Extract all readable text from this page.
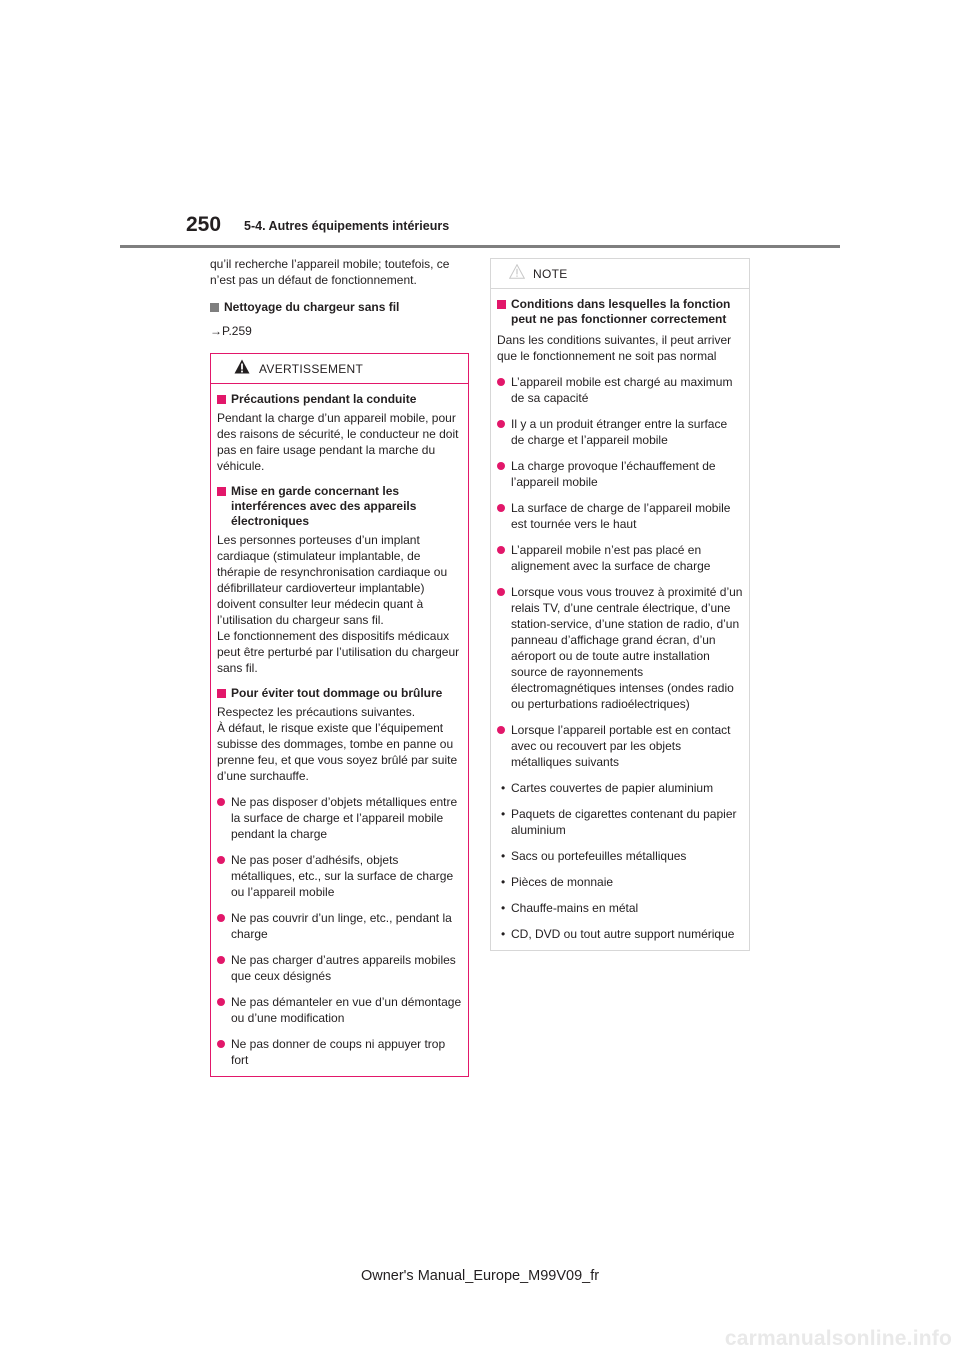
250 5-4. Autres équipements intérieurs

qu’il recherche l’appareil mobile; toutefois, ce n’est pas un défaut de fonctionnement.

Nettoyage du chargeur sans fil

→P.259

AVERTISSEMENT
Précautions pendant la conduite

Pendant la charge d’un appareil mobile, pour des raisons de sécurité, le conducteur ne doit pas en faire usage pendant la marche du véhicule.

Mise en garde concernant les interférences avec des appareils électroniques

Les personnes porteuses d’un implant cardiaque (stimulateur implantable, de thérapie de resynchronisation cardiaque ou défibrillateur cardioverteur implantable) doivent consulter leur médecin quant à l’utilisation du chargeur sans fil.

Le fonctionnement des dispositifs médicaux peut être perturbé par l’utilisation du chargeur sans fil.

Pour éviter tout dommage ou brûlure

Respectez les précautions suivantes.

À défaut, le risque existe que l’équipement subisse des dommages, tombe en panne ou prenne feu, et que vous soyez brûlé par suite d’une surchauffe.

Ne pas disposer d’objets métalliques entre la surface de charge et l’appareil mobile pendant la charge
Ne pas poser d’adhésifs, objets métalliques, etc., sur la surface de charge ou l’appareil mobile
Ne pas couvrir d’un linge, etc., pendant la charge
Ne pas charger d’autres appareils mobiles que ceux désignés
Ne pas démanteler en vue d’un démontage ou d’une modification
Ne pas donner de coups ni appuyer trop fort
NOTE
Conditions dans lesquelles la fonction peut ne pas fonctionner correctement

Dans les conditions suivantes, il peut arriver que le fonctionnement ne soit pas normal

L’appareil mobile est chargé au maximum de sa capacité
Il y a un produit étranger entre la surface de charge et l’appareil mobile
La charge provoque l’échauffement de l’appareil mobile
La surface de charge de l’appareil mobile est tournée vers le haut
L’appareil mobile n’est pas placé en alignement avec la surface de charge
Lorsque vous vous trouvez à proximité d’un relais TV, d’une centrale électrique, d’une station-service, d’une station de radio, d’un panneau d’affichage grand écran, d’un aéroport ou de toute autre installation source de rayonnements électromagnétiques intenses (ondes radio ou perturbations radioélectriques)
Lorsque l’appareil portable est en contact avec ou recouvert par les objets métalliques suivants
• Cartes couvertes de papier aluminium
• Paquets de cigarettes contenant du papier aluminium
• Sacs ou portefeuilles métalliques
• Pièces de monnaie
• Chauffe-mains en métal
• CD, DVD ou tout autre support numérique
Owner's Manual_Europe_M99V09_fr
carmanualsonline.info
